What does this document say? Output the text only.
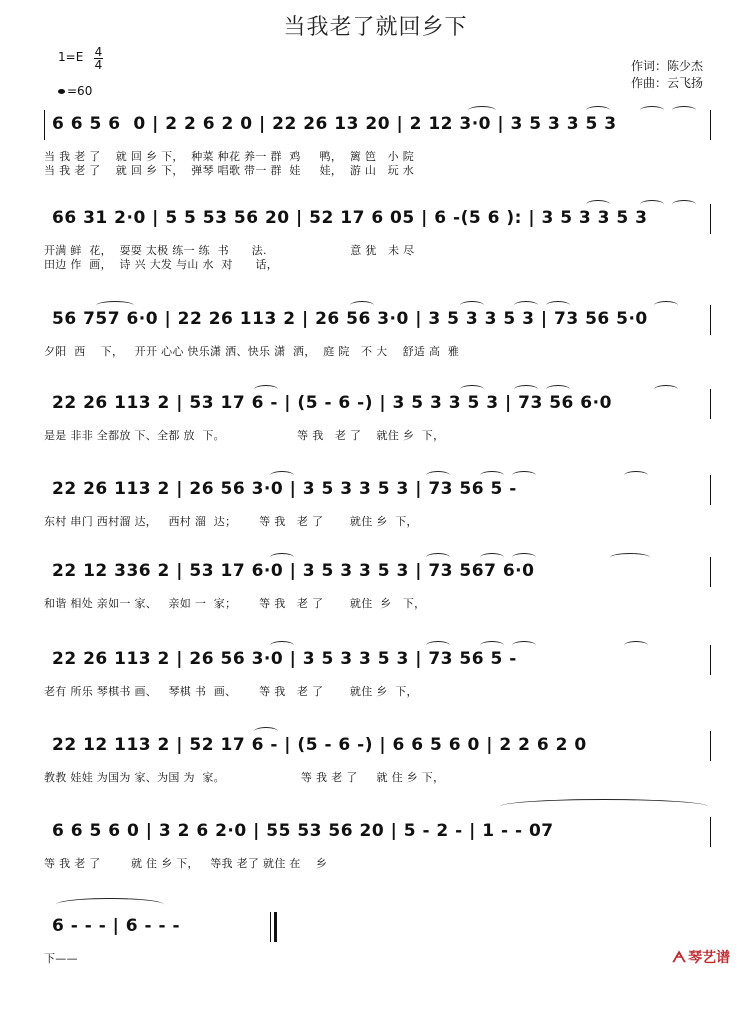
当我老了就回乡下
1=E 4
4
=60
作词：陈少杰
作曲：云飞扬

6 6 5 6  0 | 2 2 6 2 0 | 22 26 13 20 | 2 12 3·0 | 3 5 3 3 5 3

当 我 老 了    就 回 乡 下，  种菜 种花 养一 群  鸡     鸭，  篱 笆   小 院
当 我 老 了    就 回 乡 下，  弹琴 唱歌 带一 群  娃     娃，  游 山   玩 水

66 31 2·0 | 5 5 53 56 20 | 52 17 6 05 | 6 -(5 6 ): | 3 5 3 3 5 3

开满 鲜  花，  耍耍 太极 练一 练  书      法.                      意 犹   未 尽
田边 作  画，  诗 兴 大发 与山 水  对      话，

56 757 6·0 | 22 26 113 2 | 26 56 3·0 | 3 5 3 3 5 3 | 73 56 5·0

夕阳  西    下，   开开 心心 快乐潇 洒、快乐 潇  洒，  庭 院   不 大    舒适 高  雅

22 26 113 2 | 53 17 6 - | (5 - 6 -) | 3 5 3 3 5 3 | 73 56 6·0

是是 非非 全都放 下、全都 放  下。                   等 我   老 了    就住 乡  下，

22 26 113 2 | 26 56 3·0 | 3 5 3 3 5 3 | 73 56 5 -

东村 串门 西村溜 达，   西村 溜  达；      等 我   老 了       就住 乡  下，

22 12 336 2 | 53 17 6·0 | 3 5 3 3 5 3 | 73 567 6·0

和谐 相处 亲如一 家、   亲如 一  家；      等 我   老 了       就住  乡   下，

22 26 113 2 | 26 56 3·0 | 3 5 3 3 5 3 | 73 56 5 -

老有 所乐 琴棋书 画、   琴棋 书  画、      等 我   老 了       就住 乡  下，

22 12 113 2 | 52 17 6 - | (5 - 6 -) | 6 6 5 6 0 | 2 2 6 2 0

教教 娃娃 为国为 家、为国 为  家。                    等 我 老 了     就 住 乡 下，

6 6 5 6 0 | 3 2 6 2·0 | 55 53 56 20 | 5 - 2 - | 1 - - 07

等 我 老 了        就 住 乡 下，   等我 老了 就住 在    乡

6 - - - | 6 - - -

下——	ᗅ 琴艺谱
